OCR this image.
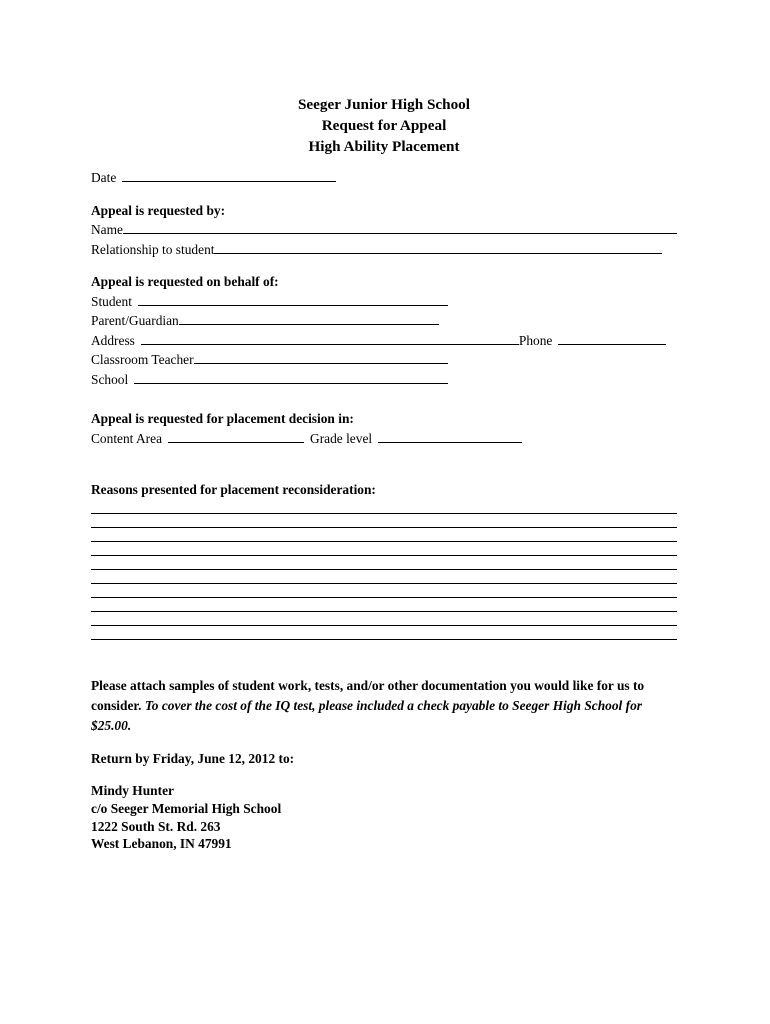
Seeger Junior High School

Request for Appeal

High Ability Placement

Date

Appeal is requested by:

Name
Relationship to student

Appeal is requested on behalf of:

Student
Parent/Guardian
Address	Phone
Classroom Teacher
School

Appeal is requested for placement decision in:

Content Area	Grade level

Reasons presented for placement reconsideration:

Please attach samples of student work, tests, and/or other documentation you would like for us to consider. To cover the cost of the IQ test, please included a check payable to Seeger High School for $25.00.

Return by Friday, June 12, 2012 to:

Mindy Hunter
c/o Seeger Memorial High School
1222 South St. Rd. 263
West Lebanon, IN 47991
